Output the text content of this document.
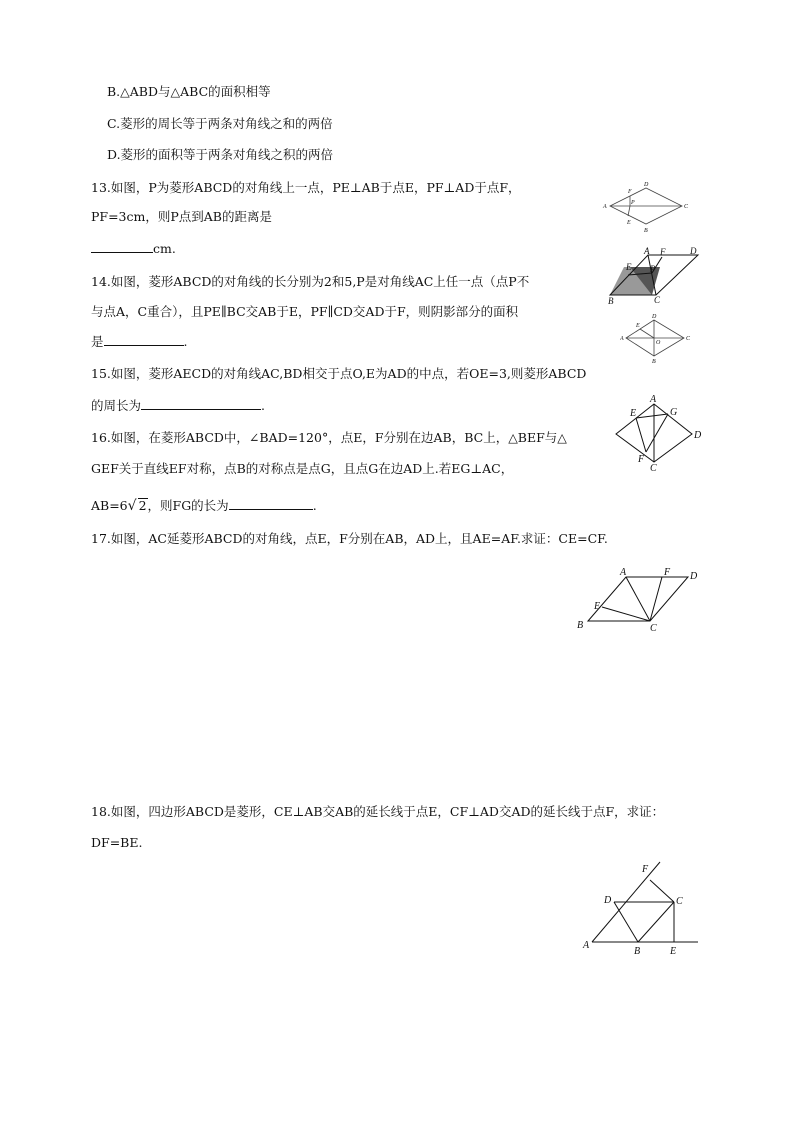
B.△ABD与△ABC的面积相等
C.菱形的周长等于两条对角线之和的两倍
D.菱形的面积等于两条对角线之积的两倍
13.如图，P为菱形ABCD的对角线上一点，PE⊥AB于点E，PF⊥AD于点F，
PF=3cm，则P点到AB的距离是
cm.
14.如图，菱形ABCD的对角线的长分别为2和5,P是对角线AC上任一点（点P不
与点A，C重合），且PE∥BC交AB于E，PF∥CD交AD于F，则阴影部分的面积
是	.
15.如图，菱形AECD的对角线AC,BD相交于点O,E为AD的中点，若OE=3,则菱形ABCD
的周长为	.
16.如图，在菱形ABCD中，∠BAD=120°，点E，F分别在边AB，BC上，△BEF与△
GEF关于直线EF对称，点B的对称点是点G，且点G在边AD上.若EG⊥AC，
AB=6√ 2，则FG的长为	.
17.如图，AC延菱形ABCD的对角线，点E，F分别在AB，AD上，且AE=AF.求证：CE=CF.
18.如图，四边形ABCD是菱形，CE⊥AB交AB的延长线于点E，CF⊥AD交AD的延长线于点F，求证：
DF=BE.
A
D
C
B
F
E
P
A F	D
E P
B	C
A
D
C
B
E
O
A
G
E
D
F
C
A	F D
E
B	C
F
D	C
A
B	E
